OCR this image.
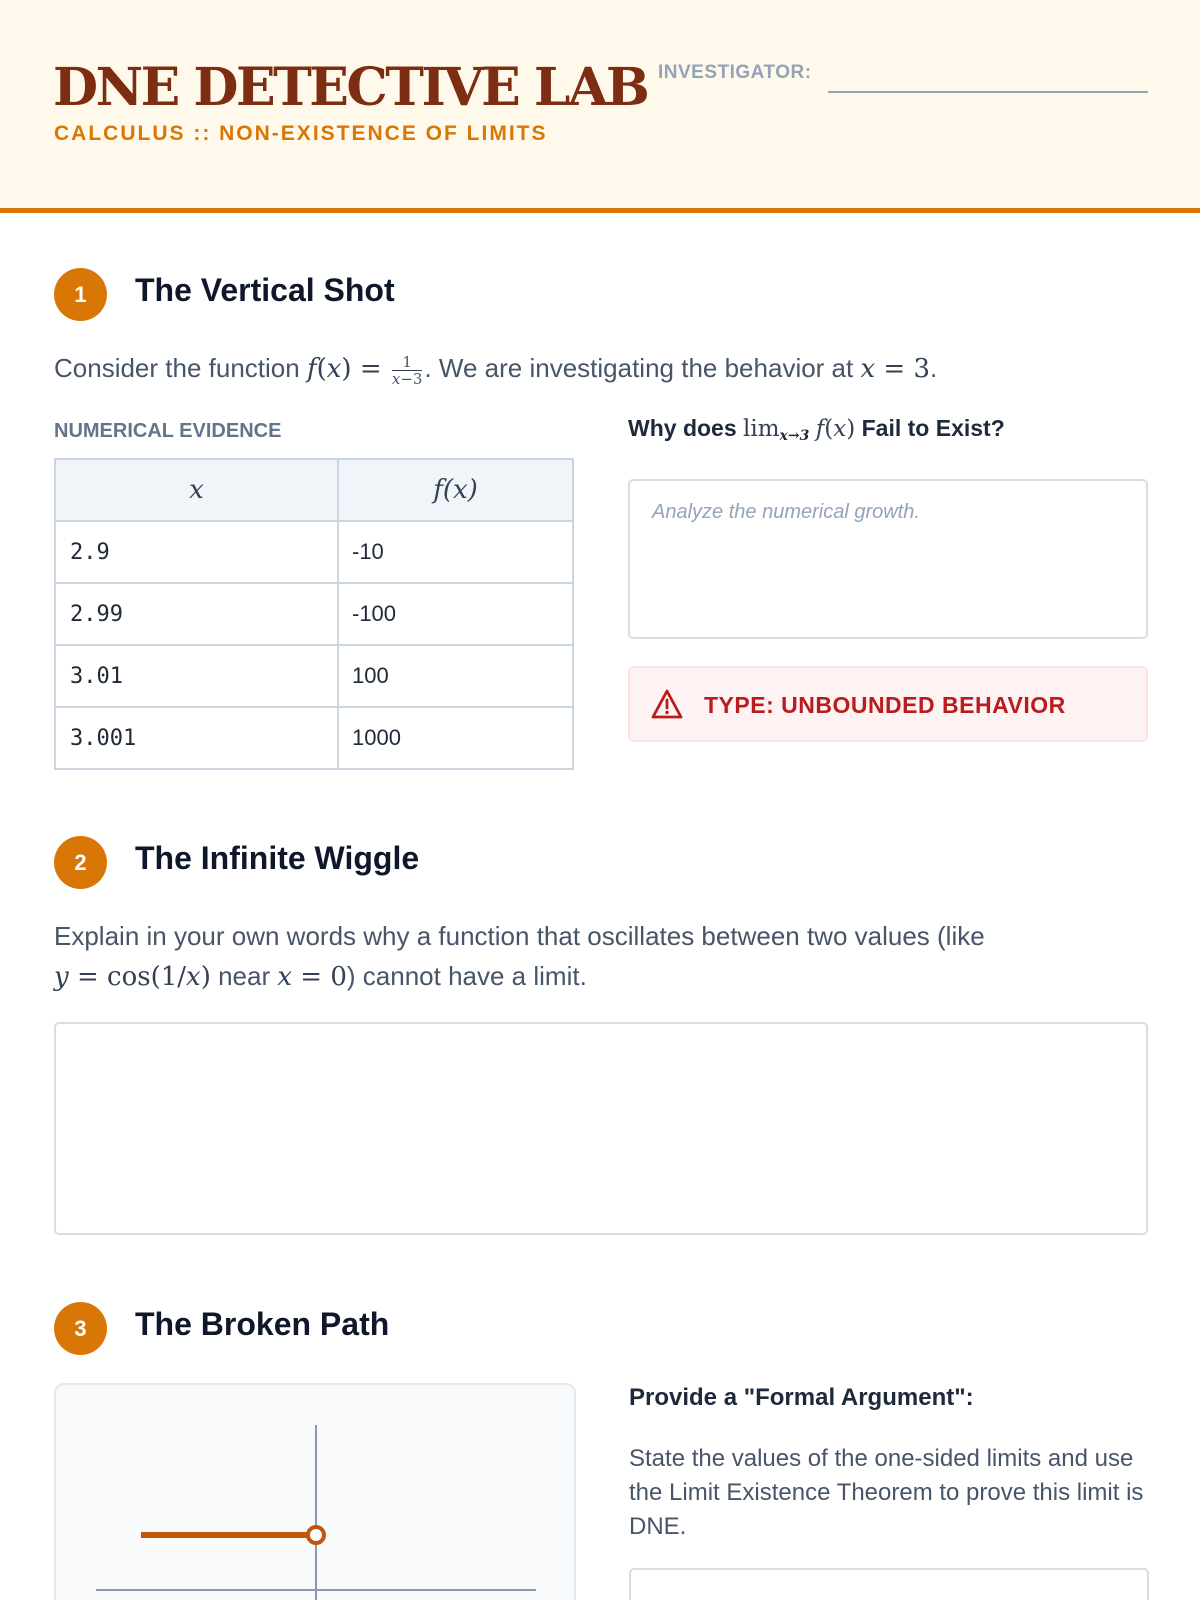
DNE DETECTIVE LAB
CALCULUS :: NON-EXISTENCE OF LIMITS
INVESTIGATOR:
1	The Vertical Shot
Consider the function $f(x) = \frac{1}{x-3}$ . We are investigating the behavior at x = 3.
NUMERICAL EVIDENCE
x	f(x)
2.9	-10
2.99	-100
3.01	100
3.001	1000
Why does limx→3 f(x) Fail to Exist?
Analyze the numerical growth.
TYPE: UNBOUNDED BEHAVIOR
2	The Infinite Wiggle
Explain in your own words why a function that oscillates between two values (like
y = cos(1/x) near x = 0) cannot have a limit.
3	The Broken Path
Provide a "Formal Argument":
State the values of the one-sided limits and use the Limit Existence Theorem to prove this limit is DNE.
